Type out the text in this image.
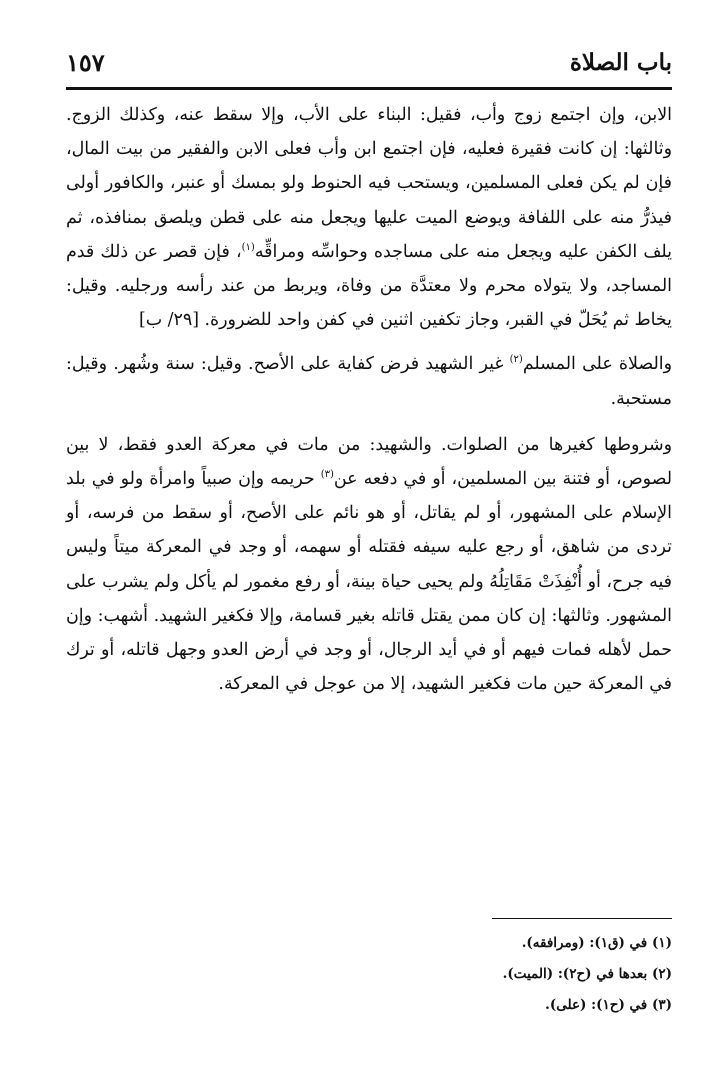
باب الصلاة
١٥٧

الابن، وإن اجتمع زوج وأب، فقيل: البناء على الأب، وإلا سقط عنه، وكذلك الزوج. وثالثها: إن كانت فقيرة فعليه، فإن اجتمع ابن وأب فعلى الابن والفقير من بيت المال، فإن لم يكن فعلى المسلمين، ويستحب فيه الحنوط ولو بمسك أو عنبر، والكافور أولى فيذرُّ منه على اللفافة ويوضع الميت عليها ويجعل منه على قطن ويلصق بمنافذه، ثم يلف الكفن عليه ويجعل منه على مساجده وحواسِّه ومراقِّه$^{(١)}$، فإن قصر عن ذلك قدم المساجد، ولا يتولاه محرم ولا معتدَّة من وفاة، ويربط من عند رأسه ورجليه. وقيل: يخاط ثم يُحَلّ في القبر، وجاز تكفين اثنين في كفن واحد للضرورة. [٢٩/ ب]

والصلاة على المسلم$^{(٢)}$ غير الشهيد فرض كفاية على الأصح. وقيل: سنة وشُهر. وقيل: مستحبة.

وشروطها كغيرها من الصلوات. والشهيد: من مات في معركة العدو فقط، لا بين لصوص، أو فتنة بين المسلمين، أو في دفعه عن$^{(٣)}$ حريمه وإن صبياً وامرأة ولو في بلد الإسلام على المشهور، أو لم يقاتل، أو هو نائم على الأصح، أو سقط من فرسه، أو تردى من شاهق، أو رجع عليه سيفه فقتله أو سهمه، أو وجد في المعركة ميتاً وليس فيه جرح، أو أُنْفِذَتْ مَقَاتِلُهُ ولم يحيى حياة بينة، أو رفع مغمور لم يأكل ولم يشرب على المشهور. وثالثها: إن كان ممن يقتل قاتله بغير قسامة، وإلا فكغير الشهيد. أشهب: وإن حمل لأهله فمات فيهم أو في أيد الرجال، أو وجد في أرض العدو وجهل قاتله، أو ترك في المعركة حين مات فكغير الشهيد، إلا من عوجل في المعركة.

(١) في (ق١): (ومرافقه).

(٢) بعدها في (ح٢): (الميت).

(٣) في (ح١): (على).
